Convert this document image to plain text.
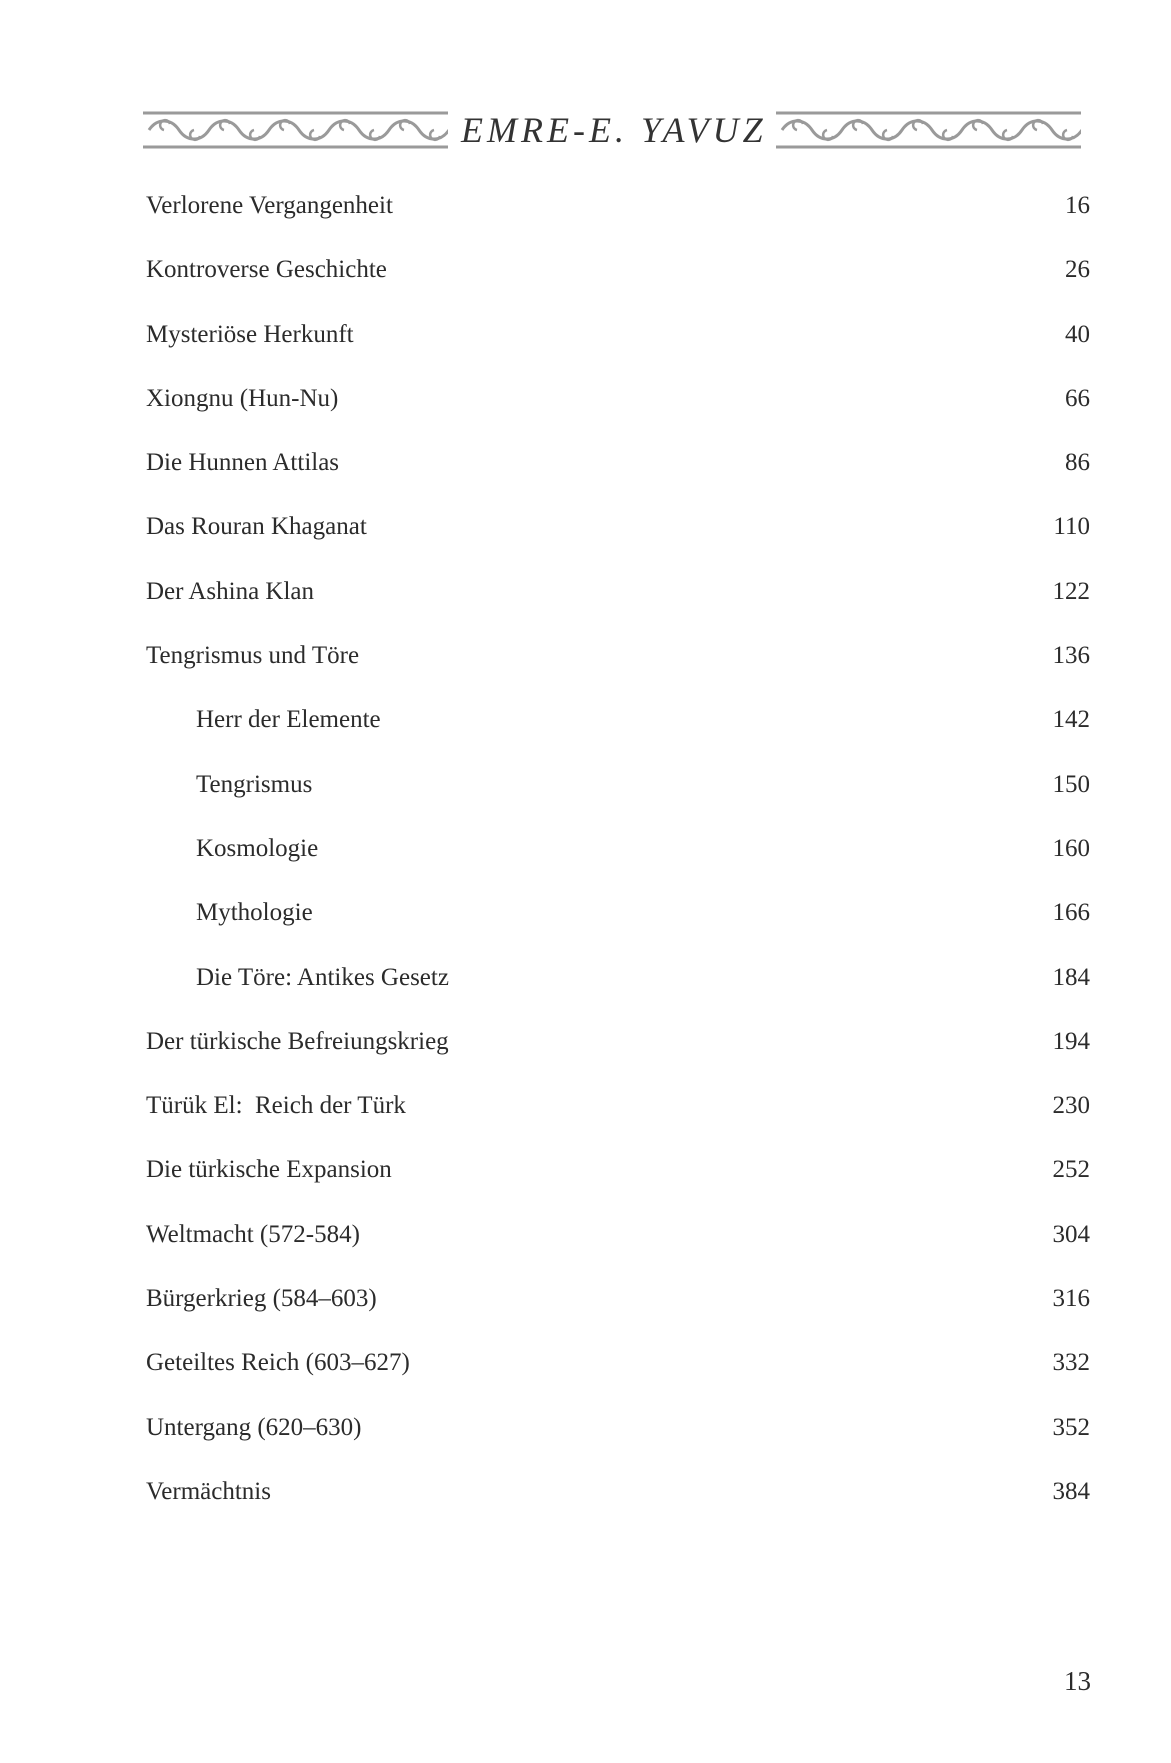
EMRE-E. YAVUZ
Verlorene Vergangenheit	16
Kontroverse Geschichte	26
Mysteriöse Herkunft	40
Xiongnu (Hun-Nu)	66
Die Hunnen Attilas	86
Das Rouran Khaganat	110
Der Ashina Klan	122
Tengrismus und Töre	136
Herr der Elemente	142
Tengrismus	150
Kosmologie	160
Mythologie	166
Die Töre: Antikes Gesetz	184
Der türkische Befreiungskrieg	194
Türük El:  Reich der Türk	230
Die türkische Expansion	252
Weltmacht (572-584)	304
Bürgerkrieg (584–603)	316
Geteiltes Reich (603–627)	332
Untergang (620–630)	352
Vermächtnis	384
13
